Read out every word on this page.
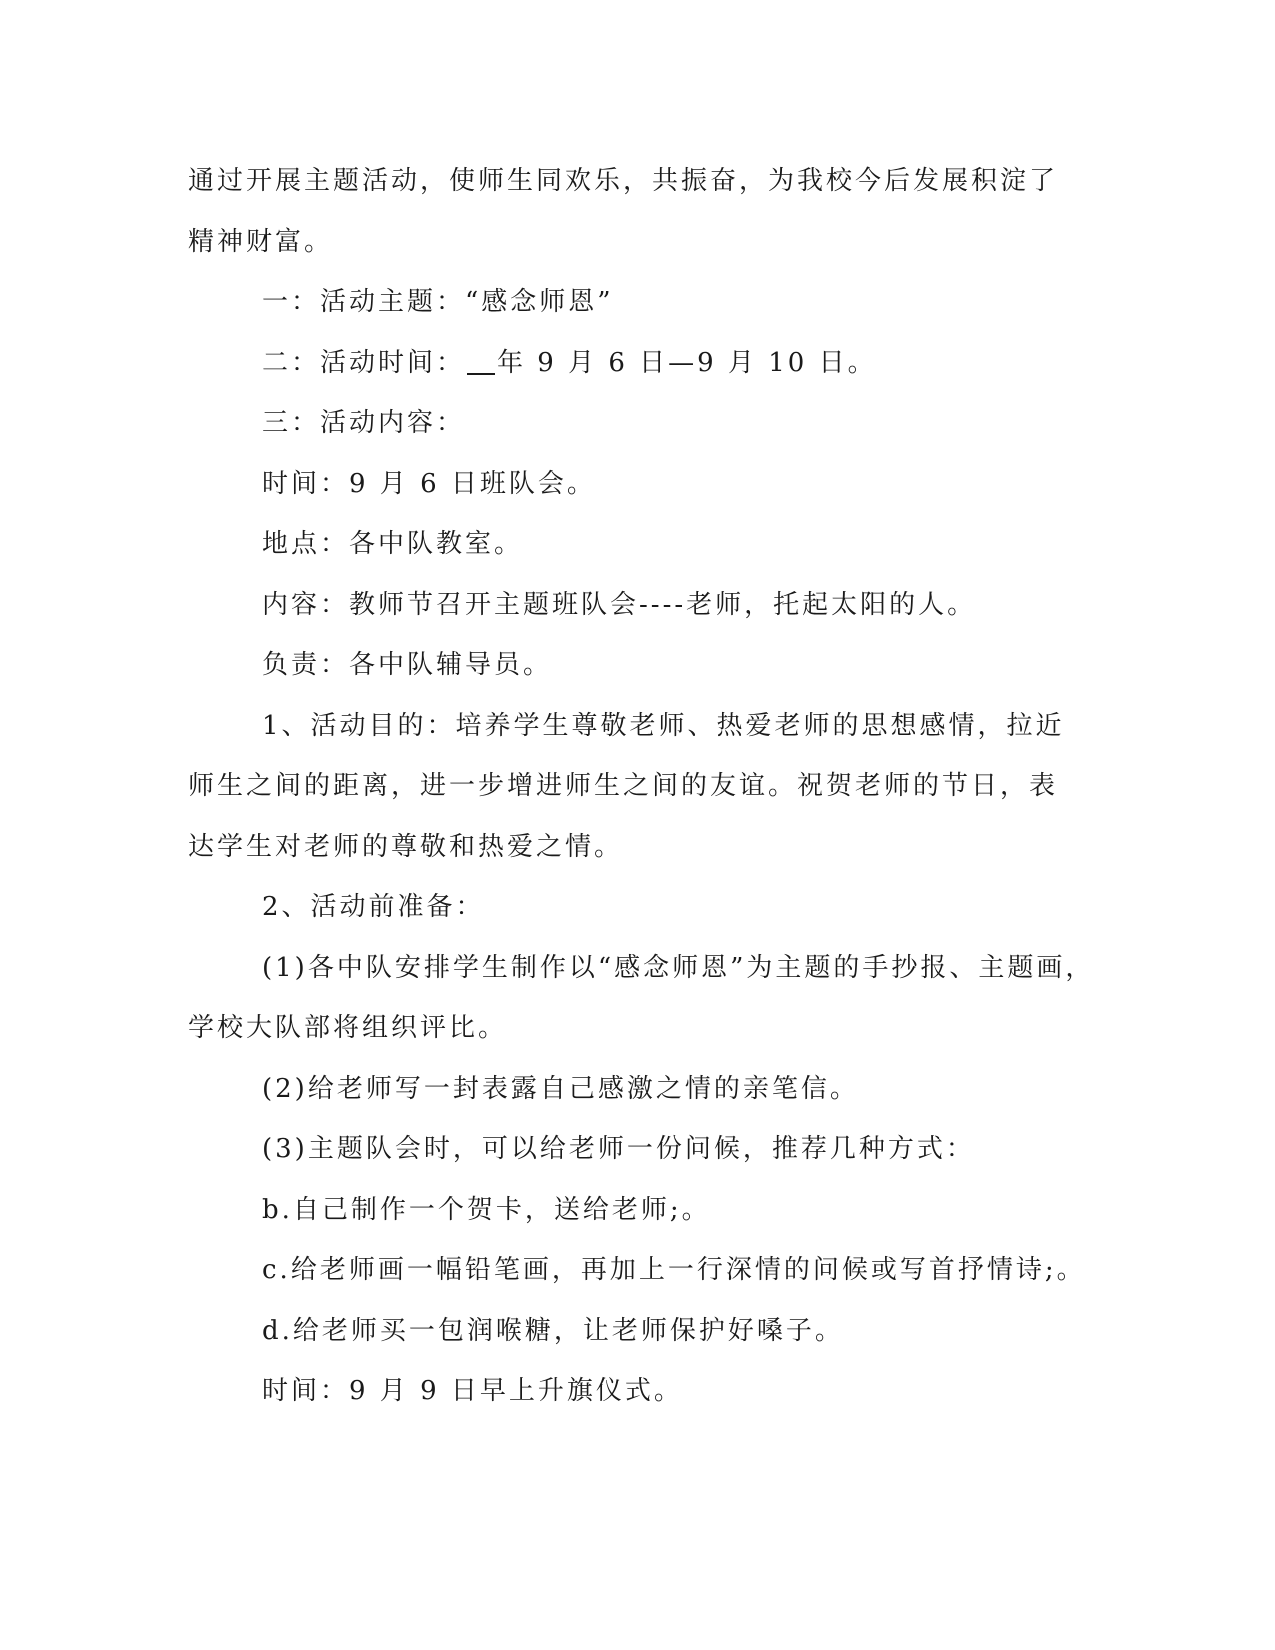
通过开展主题活动，使师生同欢乐，共振奋，为我校今后发展积淀了
精神财富。
一：活动主题：“感念师恩”
二：活动时间： 年 9 月 6 日—9 月 10 日。
三：活动内容：
时间：9 月 6 日班队会。
地点：各中队教室。
内容：教师节召开主题班队会----老师，托起太阳的人。
负责：各中队辅导员。
1、活动目的：培养学生尊敬老师、热爱老师的思想感情，拉近
师生之间的距离，进一步增进师生之间的友谊。祝贺老师的节日，表
达学生对老师的尊敬和热爱之情。
2、活动前准备：
(1)各中队安排学生制作以“感念师恩”为主题的手抄报、主题画，
学校大队部将组织评比。
(2)给老师写一封表露自己感激之情的亲笔信。
(3)主题队会时，可以给老师一份问候，推荐几种方式：
b.自己制作一个贺卡，送给老师;。
c.给老师画一幅铅笔画，再加上一行深情的问候或写首抒情诗;。
d.给老师买一包润喉糖，让老师保护好嗓子。
时间：9 月 9 日早上升旗仪式。
